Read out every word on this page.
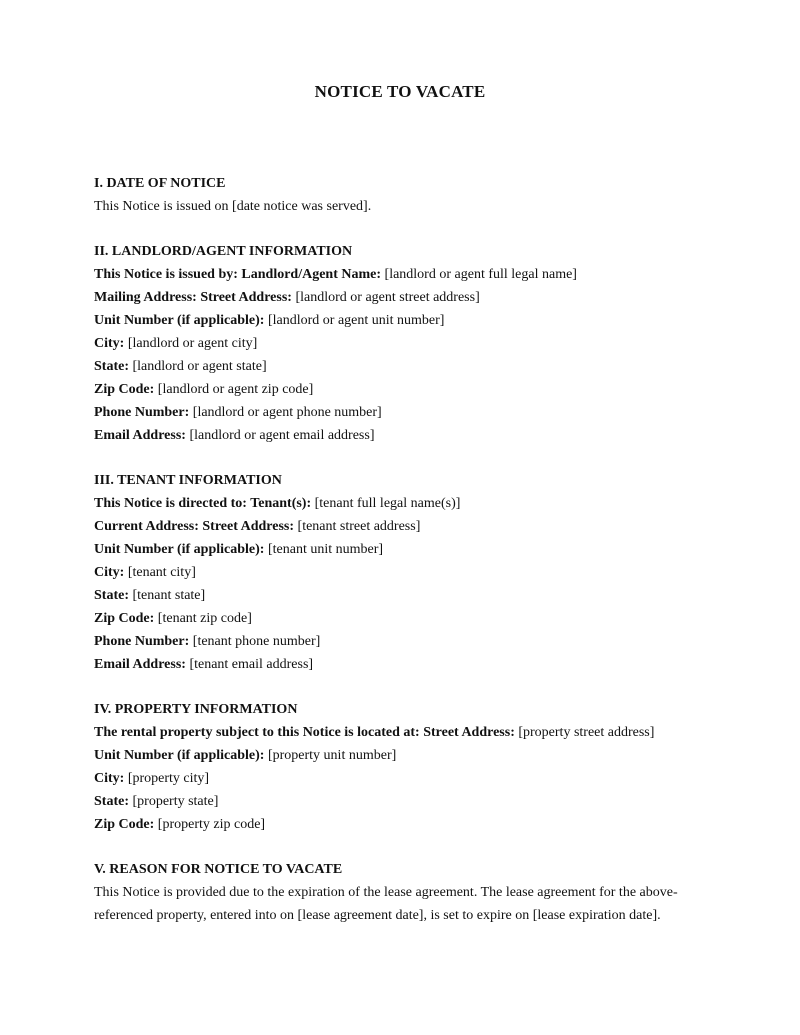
NOTICE TO VACATE
I. DATE OF NOTICE
This Notice is issued on [date notice was served].
II. LANDLORD/AGENT INFORMATION
This Notice is issued by: Landlord/Agent Name: [landlord or agent full legal name]
Mailing Address: Street Address: [landlord or agent street address]
Unit Number (if applicable): [landlord or agent unit number]
City: [landlord or agent city]
State: [landlord or agent state]
Zip Code: [landlord or agent zip code]
Phone Number: [landlord or agent phone number]
Email Address: [landlord or agent email address]
III. TENANT INFORMATION
This Notice is directed to: Tenant(s): [tenant full legal name(s)]
Current Address: Street Address: [tenant street address]
Unit Number (if applicable): [tenant unit number]
City: [tenant city]
State: [tenant state]
Zip Code: [tenant zip code]
Phone Number: [tenant phone number]
Email Address: [tenant email address]
IV. PROPERTY INFORMATION
The rental property subject to this Notice is located at: Street Address: [property street address]
Unit Number (if applicable): [property unit number]
City: [property city]
State: [property state]
Zip Code: [property zip code]
V. REASON FOR NOTICE TO VACATE
This Notice is provided due to the expiration of the lease agreement. The lease agreement for the above-
referenced property, entered into on [lease agreement date], is set to expire on [lease expiration date].
